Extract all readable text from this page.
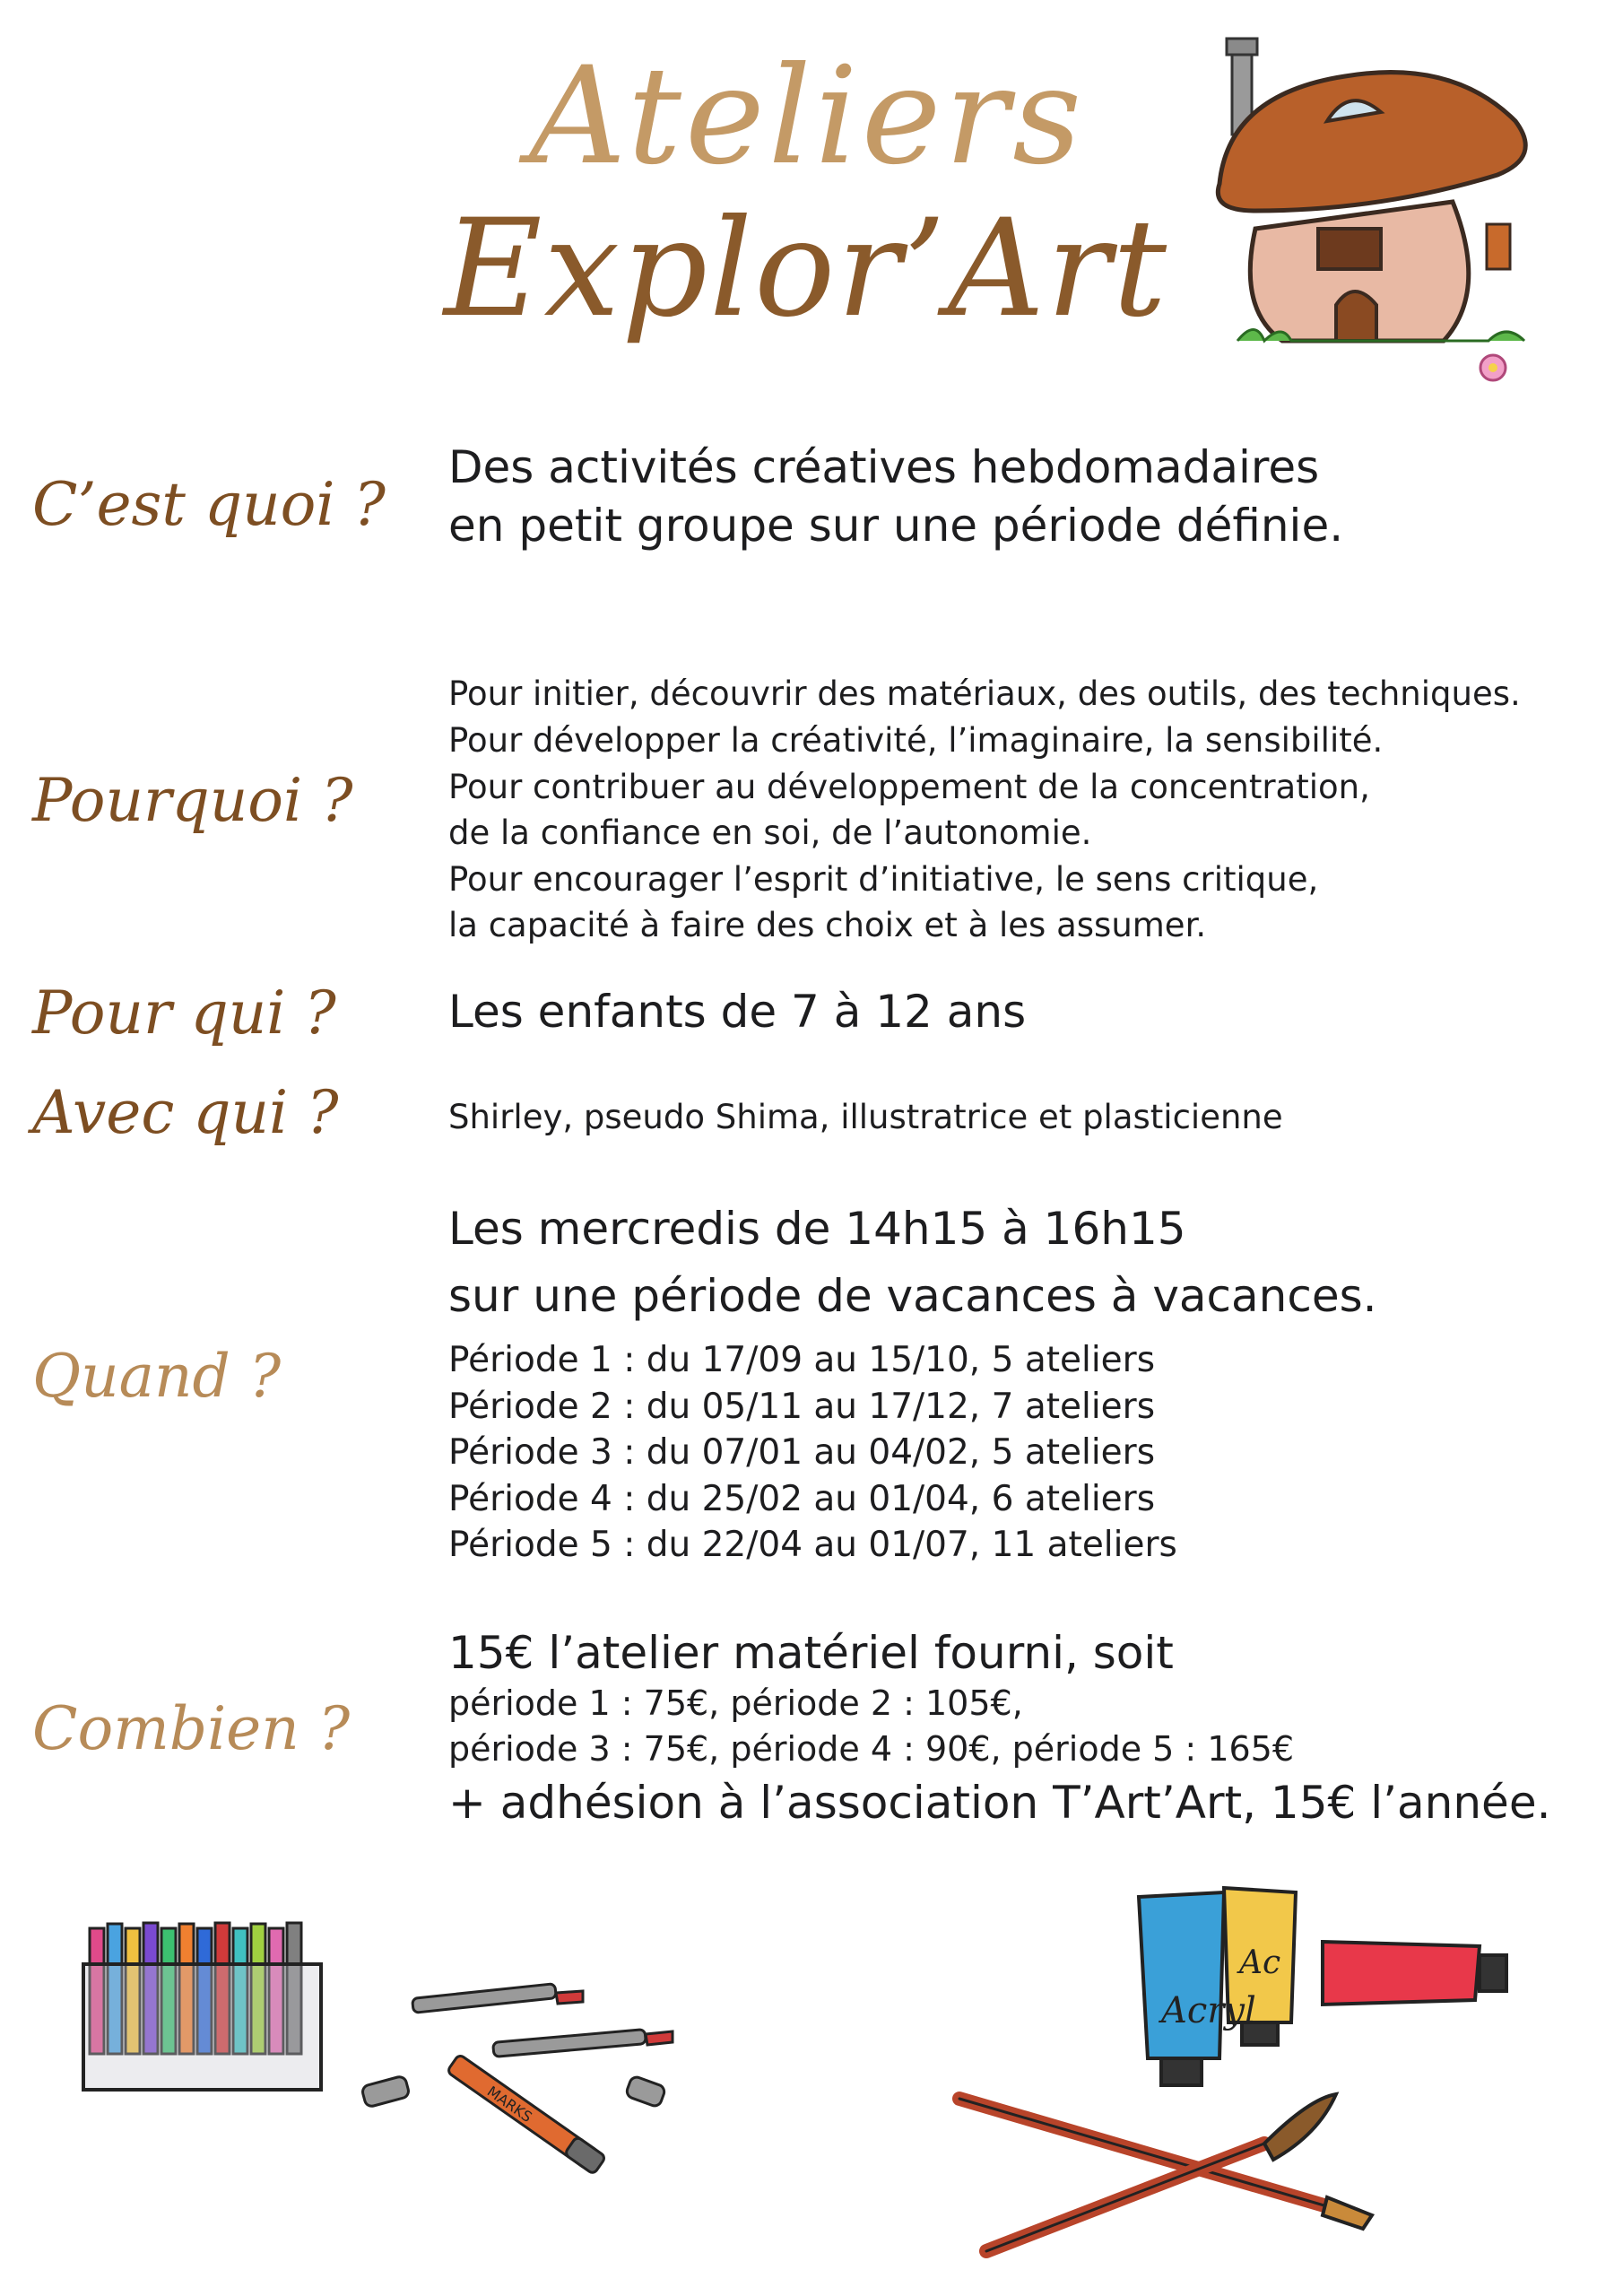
Ateliers
Explor’Art
C’est quoi ?
Des activités créatives hebdomadaires
en petit groupe sur une période définie.
Pourquoi ?
Pour initier, découvrir des matériaux, des outils, des techniques.
Pour développer la créativité, l’imaginaire, la sensibilité.
Pour contribuer au développement de la concentration,
de la confiance en soi, de l’autonomie.
Pour encourager l’esprit d’initiative, le sens critique,
la capacité à faire des choix et à les assumer.
Pour qui ?	Les enfants de 7 à 12 ans
Avec qui ?	Shirley, pseudo Shima, illustratrice et plasticienne
Quand ?
Les mercredis de 14h15 à 16h15
sur une période de vacances à vacances.
Période 1 : du 17/09 au 15/10, 5 ateliers
Période 2 : du 05/11 au 17/12, 7 ateliers
Période 3 : du 07/01 au 04/02, 5 ateliers
Période 4 : du 25/02 au 01/04, 6 ateliers
Période 5 : du 22/04 au 01/07, 11 ateliers
Combien ?
15€ l’atelier matériel fourni, soit
période 1 : 75€, période 2 : 105€,
période 3 : 75€, période 4 : 90€, période 5 : 165€
+ adhésion à l’association T’Art’Art, 15€ l’année.
MARKS
Acryl
Ac
